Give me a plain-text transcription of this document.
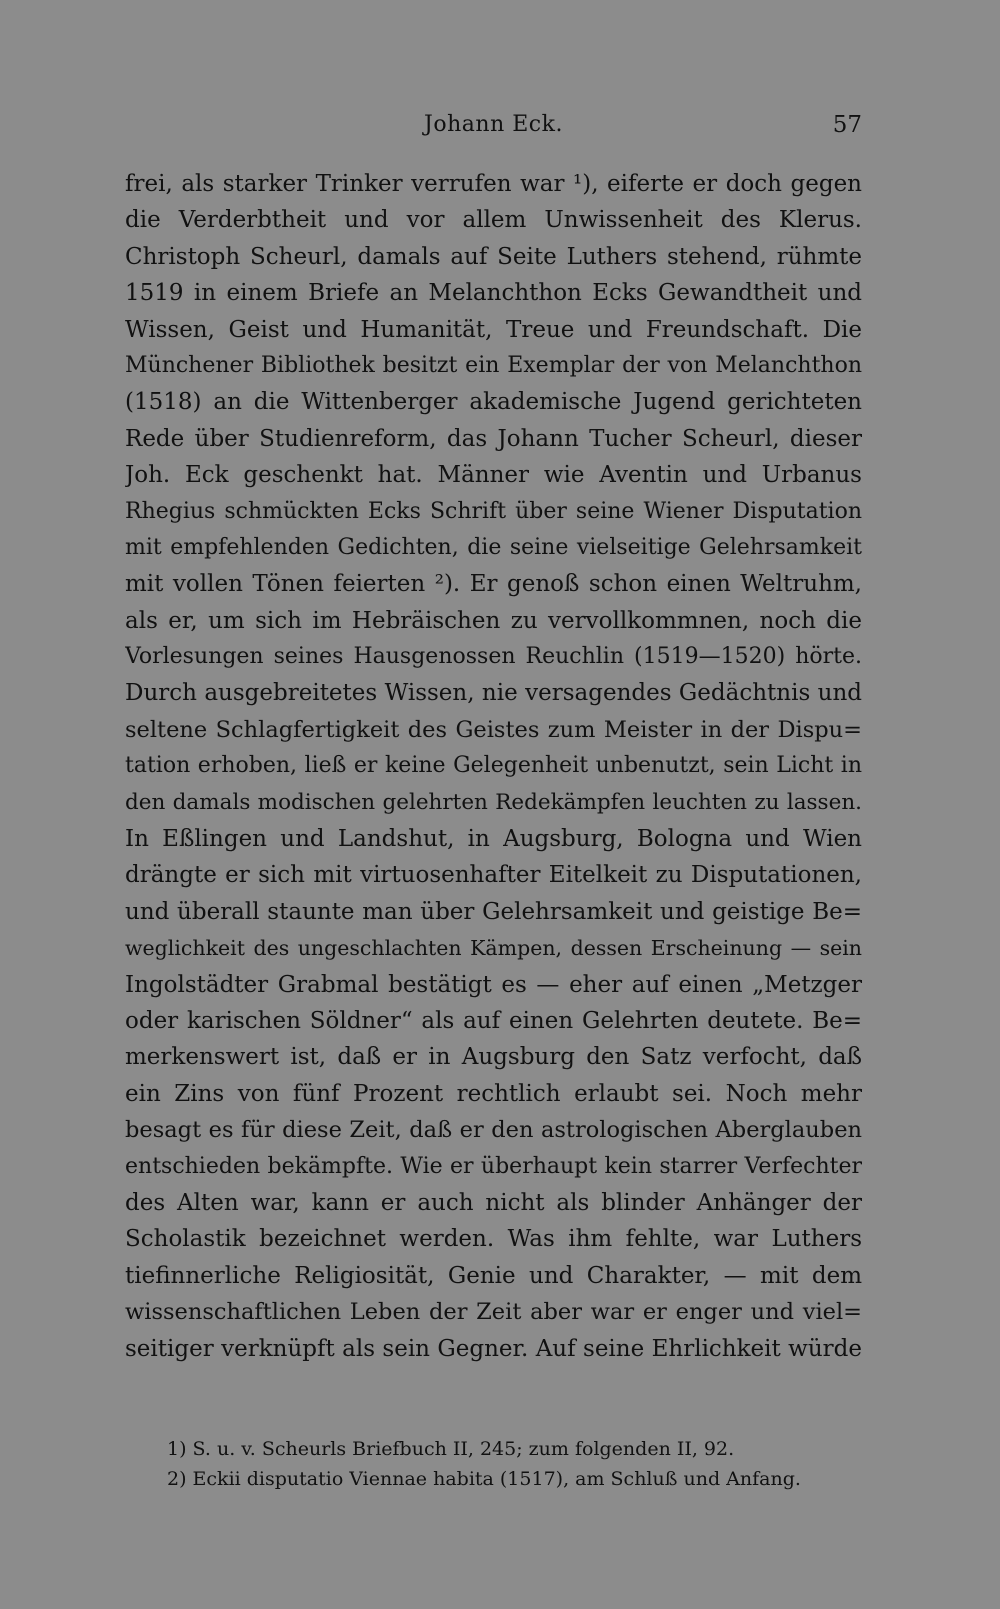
Johann Eck.	57
frei, als starker Trinker verrufen war ¹), eiferte er doch gegen
die Verderbtheit und vor allem Unwissenheit des Klerus.
Christoph Scheurl, damals auf Seite Luthers stehend, rühmte
1519 in einem Briefe an Melanchthon Ecks Gewandtheit und
Wissen, Geist und Humanität, Treue und Freundschaft. Die
Münchener Bibliothek besitzt ein Exemplar der von Melanchthon
(1518) an die Wittenberger akademische Jugend gerichteten
Rede über Studienreform, das Johann Tucher Scheurl, dieser
Joh. Eck geschenkt hat. Männer wie Aventin und Urbanus
Rhegius schmückten Ecks Schrift über seine Wiener Disputation
mit empfehlenden Gedichten, die seine vielseitige Gelehrsamkeit
mit vollen Tönen feierten ²). Er genoß schon einen Weltruhm,
als er, um sich im Hebräischen zu vervollkommnen, noch die
Vorlesungen seines Hausgenossen Reuchlin (1519—1520) hörte.
Durch ausgebreitetes Wissen, nie versagendes Gedächtnis und
seltene Schlagfertigkeit des Geistes zum Meister in der Dispu=
tation erhoben, ließ er keine Gelegenheit unbenutzt, sein Licht in
den damals modischen gelehrten Redekämpfen leuchten zu lassen.
In Eßlingen und Landshut, in Augsburg, Bologna und Wien
drängte er sich mit virtuosenhafter Eitelkeit zu Disputationen,
und überall staunte man über Gelehrsamkeit und geistige Be=
weglichkeit des ungeschlachten Kämpen, dessen Erscheinung — sein
Ingolstädter Grabmal bestätigt es — eher auf einen „Metzger
oder karischen Söldner“ als auf einen Gelehrten deutete. Be=
merkenswert ist, daß er in Augsburg den Satz verfocht, daß
ein Zins von fünf Prozent rechtlich erlaubt sei. Noch mehr
besagt es für diese Zeit, daß er den astrologischen Aberglauben
entschieden bekämpfte. Wie er überhaupt kein starrer Verfechter
des Alten war, kann er auch nicht als blinder Anhänger der
Scholastik bezeichnet werden. Was ihm fehlte, war Luthers
tiefinnerliche Religiosität, Genie und Charakter, — mit dem
wissenschaftlichen Leben der Zeit aber war er enger und viel=
seitiger verknüpft als sein Gegner. Auf seine Ehrlichkeit würde
1) S. u. v. Scheurls Briefbuch II, 245; zum folgenden II, 92.
2) Eckii disputatio Viennae habita (1517), am Schluß und Anfang.
